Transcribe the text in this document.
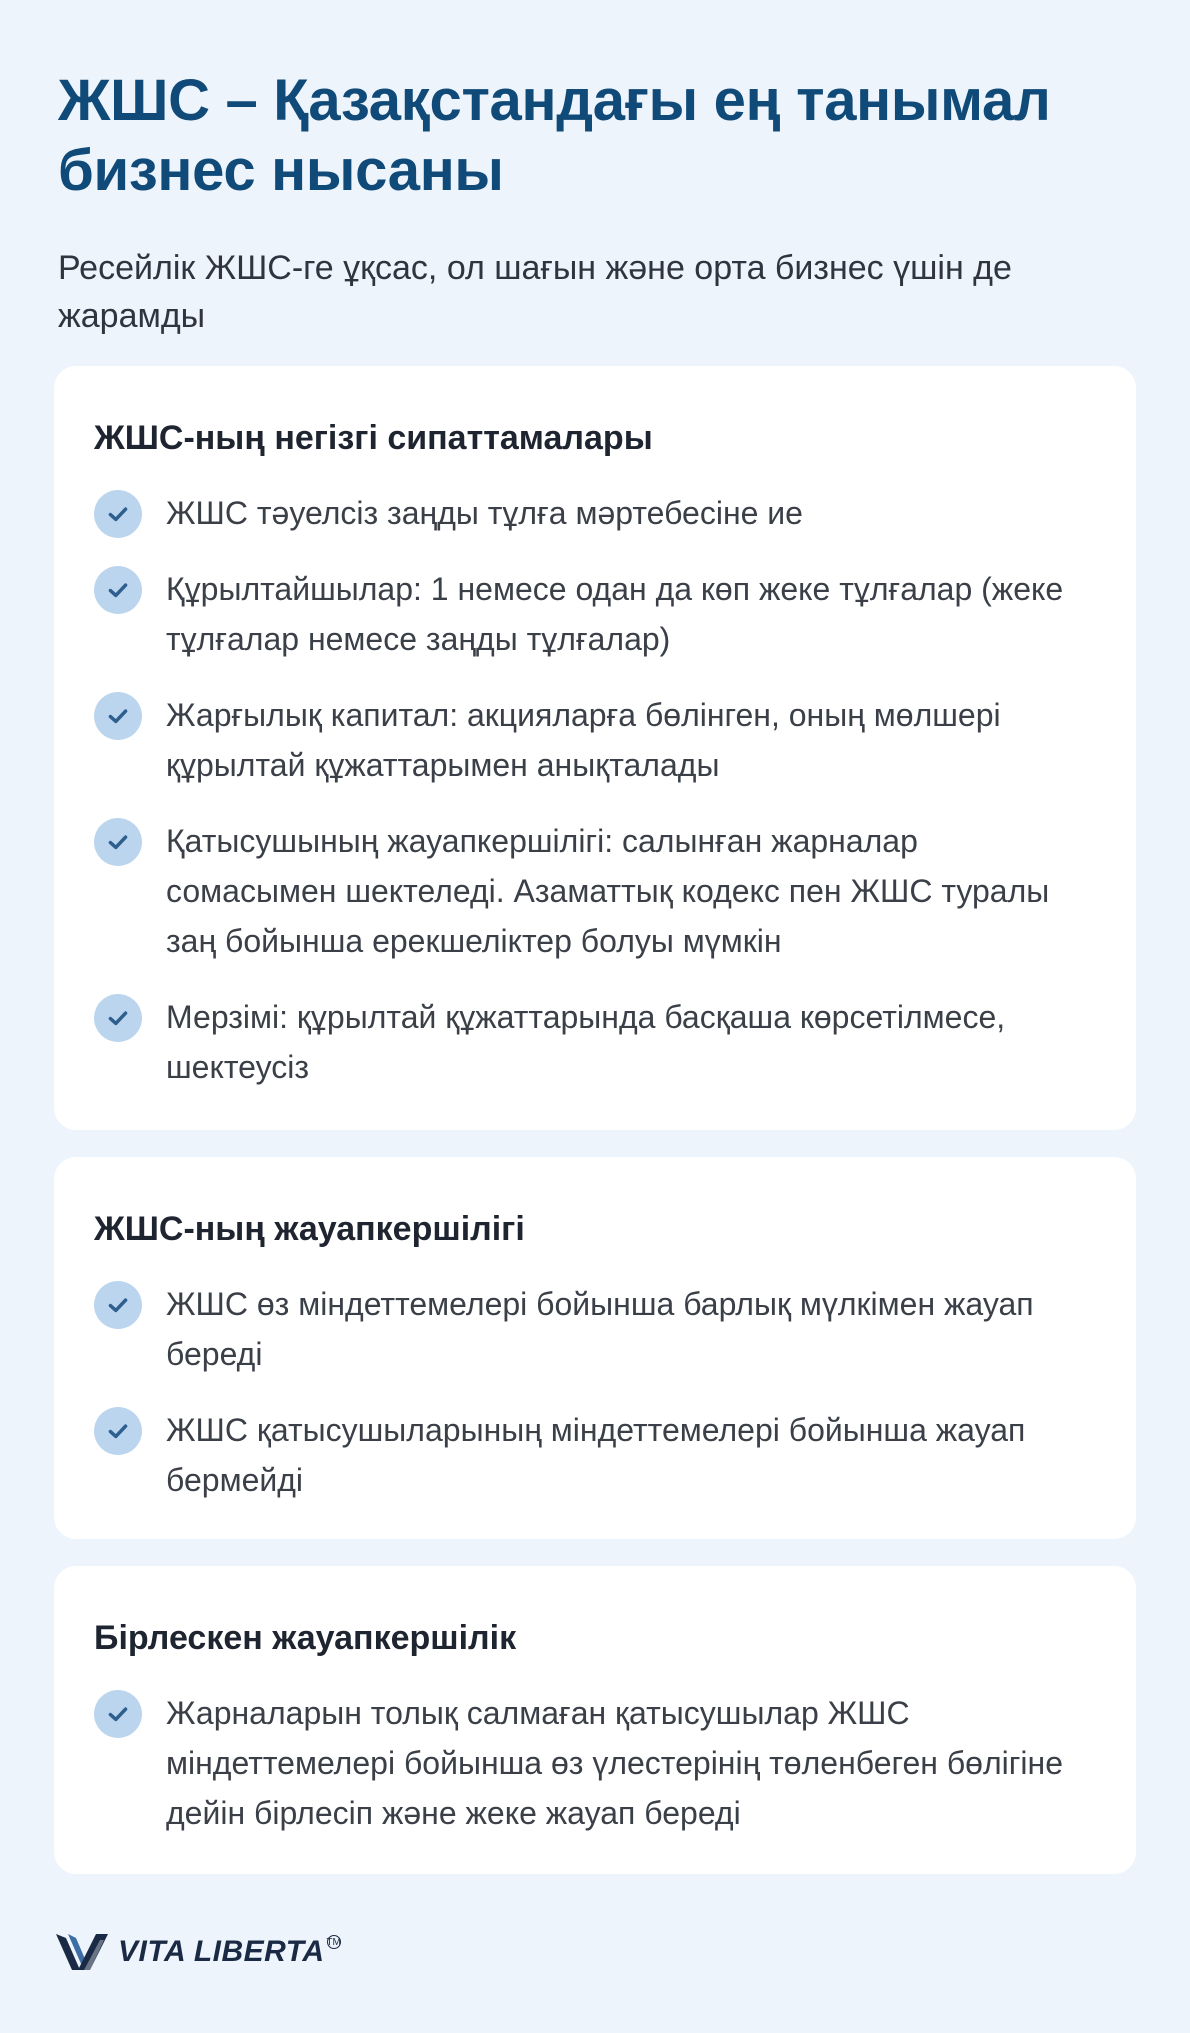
ЖШС – Қазақстандағы ең танымал бизнес нысаны

Ресейлік ЖШС-ге ұқсас, ол шағын және орта бизнес үшін де жарамды

ЖШС-ның негізгі сипаттамалары
ЖШС тәуелсіз заңды тұлға мәртебесіне ие
Құрылтайшылар: 1 немесе одан да көп жеке тұлғалар (жеке тұлғалар немесе заңды тұлғалар)
Жарғылық капитал: акцияларға бөлінген, оның мөлшері құрылтай құжаттарымен анықталады
Қатысушының жауапкершілігі: салынған жарналар сомасымен шектеледі. Азаматтық кодекс пен ЖШС туралы заң бойынша ерекшеліктер болуы мүмкін
Мерзімі: құрылтай құжаттарында басқаша көрсетілмесе, шектеусіз
ЖШС-ның жауапкершілігі
ЖШС өз міндеттемелері бойынша барлық мүлкімен жауап береді
ЖШС қатысушыларының міндеттемелері бойынша жауап бермейді
Бірлескен жауапкершілік
Жарналарын толық салмаған қатысушылар ЖШС міндеттемелері бойынша өз үлестерінің төленбеген бөлігіне дейін бірлесіп және жеке жауап береді
VITA LIBERTA TM
